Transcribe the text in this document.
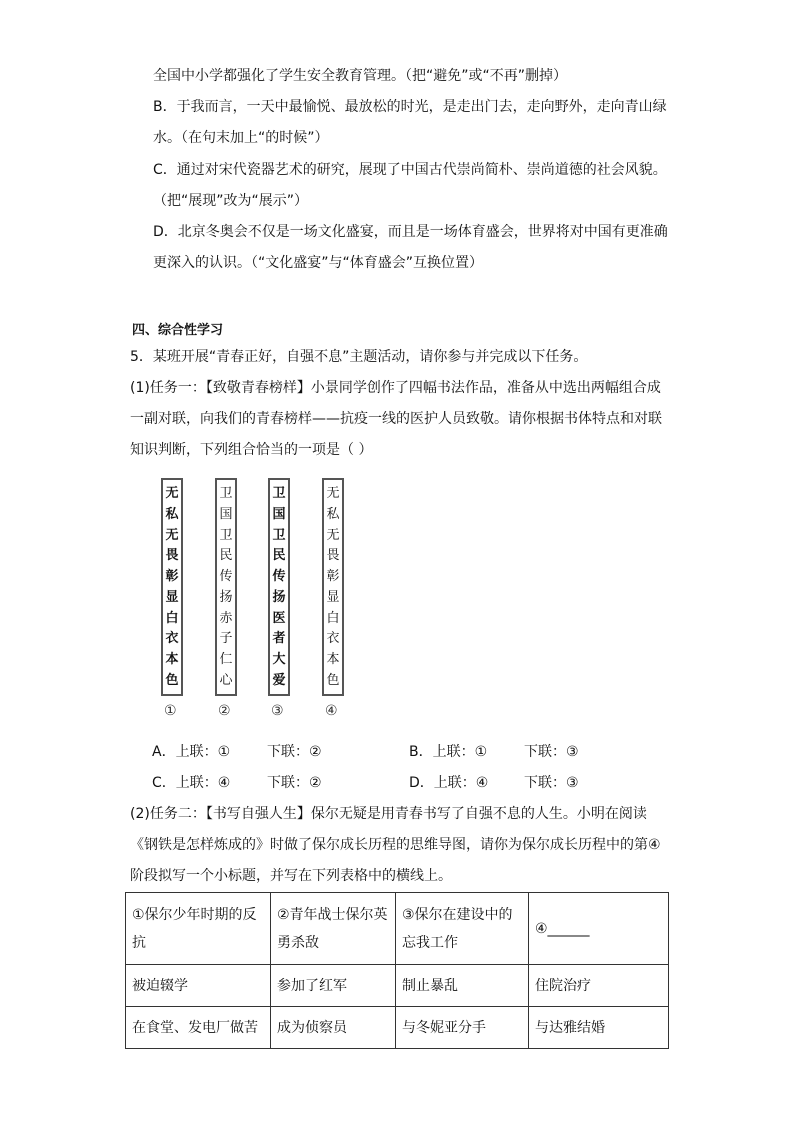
全国中小学都强化了学生安全教育管理。（把“避免”或“不再”删掉）
B．于我而言，一天中最愉悦、最放松的时光，是走出门去，走向野外，走向青山绿
水。（在句末加上“的时候”）
C．通过对宋代瓷器艺术的研究，展现了中国古代崇尚简朴、崇尚道德的社会风貌。
（把“展现”改为“展示”）
D．北京冬奥会不仅是一场文化盛宴，而且是一场体育盛会，世界将对中国有更准确
更深入的认识。（“文化盛宴”与“体育盛会”互换位置）
四、综合性学习
5．某班开展“青春正好，自强不息”主题活动，请你参与并完成以下任务。
(1)任务一：【致敬青春榜样】小景同学创作了四幅书法作品，准备从中选出两幅组合成
一副对联，向我们的青春榜样——抗疫一线的医护人员致敬。请你根据书体特点和对联
知识判断，下列组合恰当的一项是（ ）
无
私
无
畏
彰
显
白
衣
本
色
卫
国
卫
民
传
扬
赤
子
仁
心
卫
国
卫
民
传
扬
医
者
大
爱
无
私
无
畏
彰
显
白
衣
本
色
①	②	③	④
A．上联：①	下联：②	B．上联：①	下联：③
C．上联：④	下联：②	D．上联：④	下联：③
(2)任务二：【书写自强人生】保尔无疑是用青春书写了自强不息的人生。小明在阅读
《钢铁是怎样炼成的》时做了保尔成长历程的思维导图，请你为保尔成长历程中的第④
阶段拟写一个小标题，并写在下列表格中的横线上。
①保尔少年时期的反抗	②青年战士保尔英勇杀敌	③保尔在建设中的忘我工作	④______
被迫辍学	参加了红军	制止暴乱	住院治疗
在食堂、发电厂做苦	成为侦察员	与冬妮亚分手	与达雅结婚
